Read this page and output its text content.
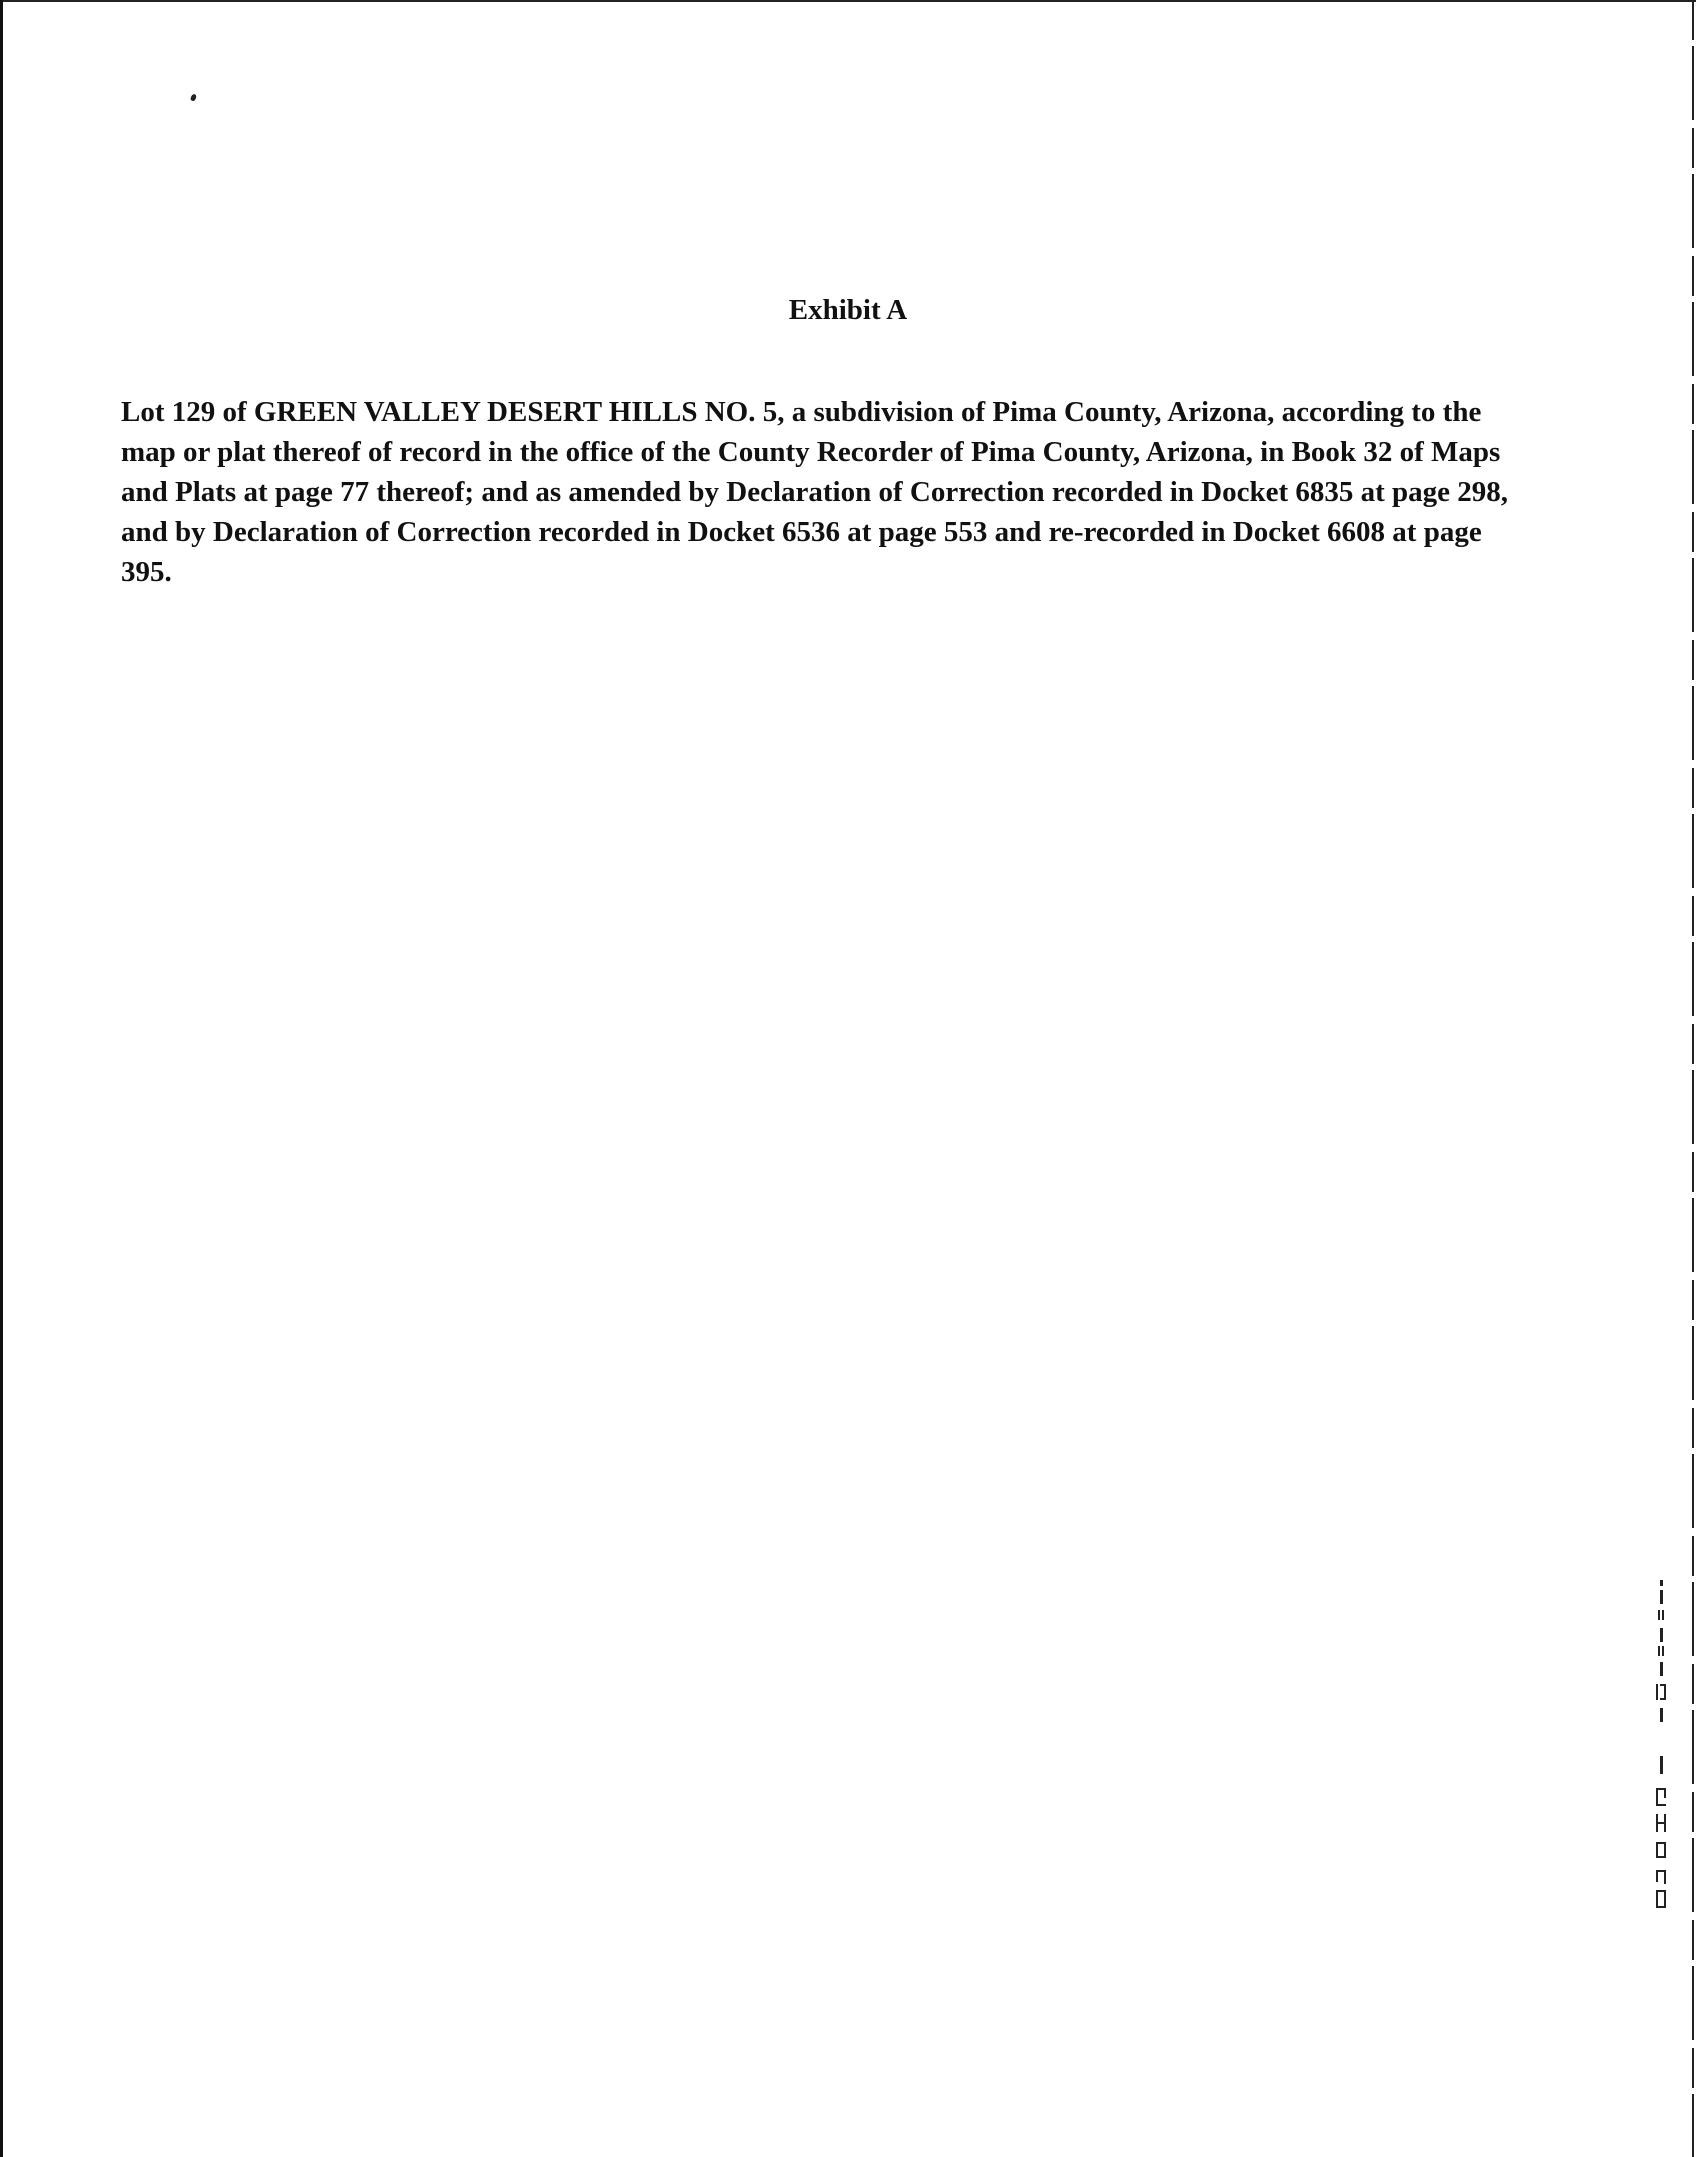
Exhibit A
Lot 129 of GREEN VALLEY DESERT HILLS NO. 5, a subdivision of Pima County, Arizona, according to the
map or plat thereof of record in the office of the County Recorder of Pima County, Arizona, in Book 32 of Maps
and Plats at page 77 thereof; and as amended by Declaration of Correction recorded in Docket 6835 at page 298,
and by Declaration of Correction recorded in Docket 6536 at page 553 and re-recorded in Docket 6608 at page
395.
